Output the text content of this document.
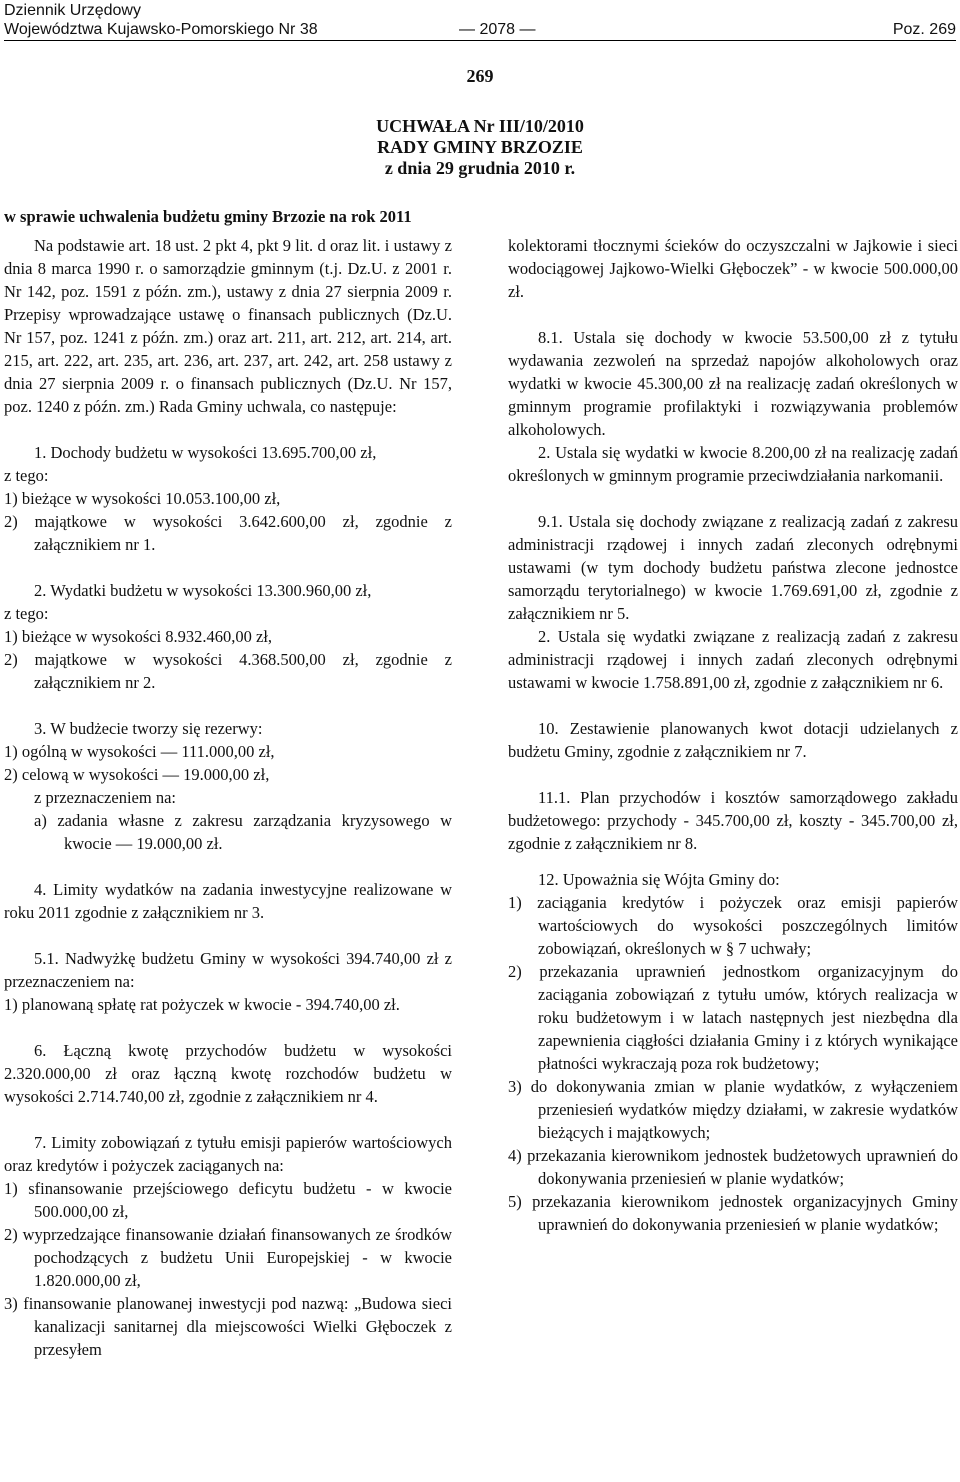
Dziennik Urzędowy
Województwa Kujawsko-Pomorskiego Nr 38	— 2078 —	Poz. 269
269
UCHWAŁA Nr III/10/2010
RADY GMINY BRZOZIE
z dnia 29 grudnia 2010 r.
w sprawie uchwalenia budżetu gminy Brzozie na rok 2011

Na podstawie art. 18 ust. 2 pkt 4, pkt 9 lit. d oraz lit. i ustawy z dnia 8 marca 1990 r. o samorządzie gminnym (t.j. Dz.U. z 2001 r. Nr 142, poz. 1591 z późn. zm.), ustawy z dnia 27 sierpnia 2009 r. Przepisy wprowadzające ustawę o finansach publicznych (Dz.U. Nr 157, poz. 1241 z późn. zm.) oraz art. 211, art. 212, art. 214, art. 215, art. 222, art. 235, art. 236, art. 237, art. 242, art. 258 ustawy z dnia 27 sierpnia 2009 r. o finansach publicznych (Dz.U. Nr 157, poz. 1240 z późn. zm.) Rada Gminy uchwala, co następuje:

1. Dochody budżetu w wysokości 13.695.700,00 zł,

z tego:

1) bieżące w wysokości 10.053.100,00 zł,

2) majątkowe w wysokości 3.642.600,00 zł, zgodnie z załącznikiem nr 1.

2. Wydatki budżetu w wysokości 13.300.960,00 zł,

z tego:

1) bieżące w wysokości 8.932.460,00 zł,

2) majątkowe w wysokości 4.368.500,00 zł, zgodnie z załącznikiem nr 2.

3. W budżecie tworzy się rezerwy:

1) ogólną w wysokości — 111.000,00 zł,

2) celową w wysokości — 19.000,00 zł,

z przeznaczeniem na:

a) zadania własne z zakresu zarządzania kryzysowego w kwocie — 19.000,00 zł.

4. Limity wydatków na zadania inwestycyjne realizowane w roku 2011 zgodnie z załącznikiem nr 3.

5.1. Nadwyżkę budżetu Gminy w wysokości 394.740,00 zł z przeznaczeniem na:

1) planowaną spłatę rat pożyczek w kwocie - 394.740,00 zł.

6. Łączną kwotę przychodów budżetu w wysokości 2.320.000,00 zł oraz łączną kwotę rozchodów budżetu w wysokości 2.714.740,00 zł, zgodnie z załącznikiem nr 4.

7. Limity zobowiązań z tytułu emisji papierów wartościowych oraz kredytów i pożyczek zaciąganych na:

1) sfinansowanie przejściowego deficytu budżetu - w kwocie 500.000,00 zł,

2) wyprzedzające finansowanie działań finansowanych ze środków pochodzących z budżetu Unii Europejskiej - w kwocie 1.820.000,00 zł,

3) finansowanie planowanej inwestycji pod nazwą: „Budowa sieci kanalizacji sanitarnej dla miejscowości Wielki Głęboczek z przesyłem

kolektorami tłocznymi ścieków do oczyszczalni w Jajkowie i sieci wodociągowej Jajkowo-Wielki Głęboczek” - w kwocie 500.000,00 zł.

8.1. Ustala się dochody w kwocie 53.500,00 zł z tytułu wydawania zezwoleń na sprzedaż napojów alkoholowych oraz wydatki w kwocie 45.300,00 zł na realizację zadań określonych w gminnym programie profilaktyki i rozwiązywania problemów alkoholowych.

2. Ustala się wydatki w kwocie 8.200,00 zł na realizację zadań określonych w gminnym programie przeciwdziałania narkomanii.

9.1. Ustala się dochody związane z realizacją zadań z zakresu administracji rządowej i innych zadań zleconych odrębnymi ustawami (w tym dochody budżetu państwa zlecone jednostce samorządu terytorialnego) w kwocie 1.769.691,00 zł, zgodnie z załącznikiem nr 5.

2. Ustala się wydatki związane z realizacją zadań z zakresu administracji rządowej i innych zadań zleconych odrębnymi ustawami w kwocie 1.758.891,00 zł, zgodnie z załącznikiem nr 6.

10. Zestawienie planowanych kwot dotacji udzielanych z budżetu Gminy, zgodnie z załącznikiem nr 7.

11.1. Plan przychodów i kosztów samorządowego zakładu budżetowego: przychody - 345.700,00 zł, koszty - 345.700,00 zł, zgodnie z załącznikiem nr 8.

12. Upoważnia się Wójta Gminy do:

1) zaciągania kredytów i pożyczek oraz emisji papierów wartościowych do wysokości poszczególnych limitów zobowiązań, określonych w § 7 uchwały;

2) przekazania uprawnień jednostkom organizacyjnym do zaciągania zobowiązań z tytułu umów, których realizacja w roku budżetowym i w latach następnych jest niezbędna dla zapewnienia ciągłości działania Gminy i z których wynikające płatności wykraczają poza rok budżetowy;

3) do dokonywania zmian w planie wydatków, z wyłączeniem przeniesień wydatków między działami, w zakresie wydatków bieżących i majątkowych;

4) przekazania kierownikom jednostek budżetowych uprawnień do dokonywania przeniesień w planie wydatków;

5) przekazania kierownikom jednostek organizacyjnych Gminy uprawnień do dokonywania przeniesień w planie wydatków;
